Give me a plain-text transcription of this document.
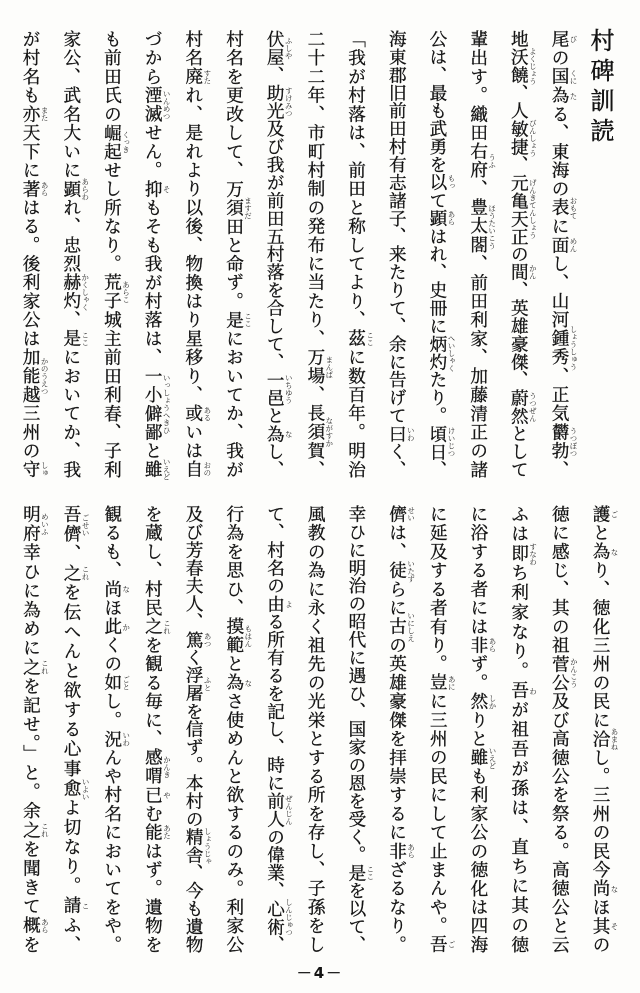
村碑訓読
尾 び
の国 くに
為 た
る、東海の表 おもて
に面 めん
し、山河鍾秀 しょうしゅう
、正気欝勃 うつぼつ
、
地沃饒 よくじょう
、人敏捷 びんしょう
、元亀天正 げんきてんしょう
の間 かん
、英雄豪傑、蔚然 うつぜん
として
輩出す。織田右府 うふ
、豊太閤 ほうたいこう
、前田利家、加藤清正の諸
公は、最も武勇を以 もっ
て顕 あら
はれ、史冊に炳灼 へいしゃく
たり。頃日 けいじつ
、
海東郡旧前田村有志諸子、来たりて、余に告げて曰 いわ
く、
「我が村落は、前田と称してより、茲 ここ
に数百年。明治
二十二年、市町村制の発布に当たり、万場 まんば
、長須賀 ながすか
、
伏屋 ふしや
、助光 すけみつ
及び我が前田五村落を合して、一邑 いちゆう
と為 な
し、
村名を更改して、万須田 ますだ
と命ず。是 ここ
においてか、我が
村名廃 すた
れ、是れより以後、物換はり星移り、或 ある
いは自 おの
づから湮滅 いんめつ
せん。抑 そ
もそも我が村落は、一小僻鄙 いっしょうへきひ
と雖 いえど
も前田氏の崛起 くっき
せし所なり。荒子 あらこ
城主前田利春、子利
家公、武名大いに顕 あらわ
れ、忠烈赫灼 かくしゃく
、是 ここ
においてか、我
が村名も亦 また
天下に著 あら
はる。後利家公は加能越 かのうえつ
三州の守 しゅ
護 ご
と為 な
り、徳化三州の民に洽 あまね
し。三州の民今尚 な
ほ其 そ
の
徳に感じ、其の祖菅公 かんこう
及び高徳公を祭る。高徳公と云
ふは即 すなわ
ち利家なり。吾 わ
が祖吾が孫は、直ちに其の徳
に浴する者には非 あら
ず。然 しか
りと雖 いえど
も利家公の徳化は四海
に延及する者有り。豈 あに
に三州の民にして止まんや。吾 ご
儕 せい
は、徒 いたず
らに古 いにしえ
の英雄豪傑を拝崇するに非 あら
ざるなり。
幸ひに明治の昭代に遇ひ、国家の恩を受く。是 ここ
を以て、
風教の為に永く祖先の光栄とする所を存し、子孫をし
て、村名の由 よ
る所有るを記し、時に前人 ぜんじん
の偉業、心術 しんじゅつ
、
行為を思ひ、摸範 もはん
と為 な
さ使めんと欲するのみ。利家公
及び芳春夫人、篤 あつ
く浮屠 ふと
を信ず。本村の精舎 しょうじゃ
、今も遺物
を蔵し、村民之 これ
を観る毎に、感喟 かんき
已 や
む能 あた
はず。遺物を
観るも、尚 な
ほ此 か
くの如 ごと
し。況 いわ
んや村名においてをや。
吾儕 ごせい
、之 これ
を伝へんと欲する心事愈 いよい
よ切なり。請 こ
ふ、
明府 めいふ
幸ひに為めに之 これ
を記せ。」と。余之 これ
を聞きて概 あら
を
－4－
